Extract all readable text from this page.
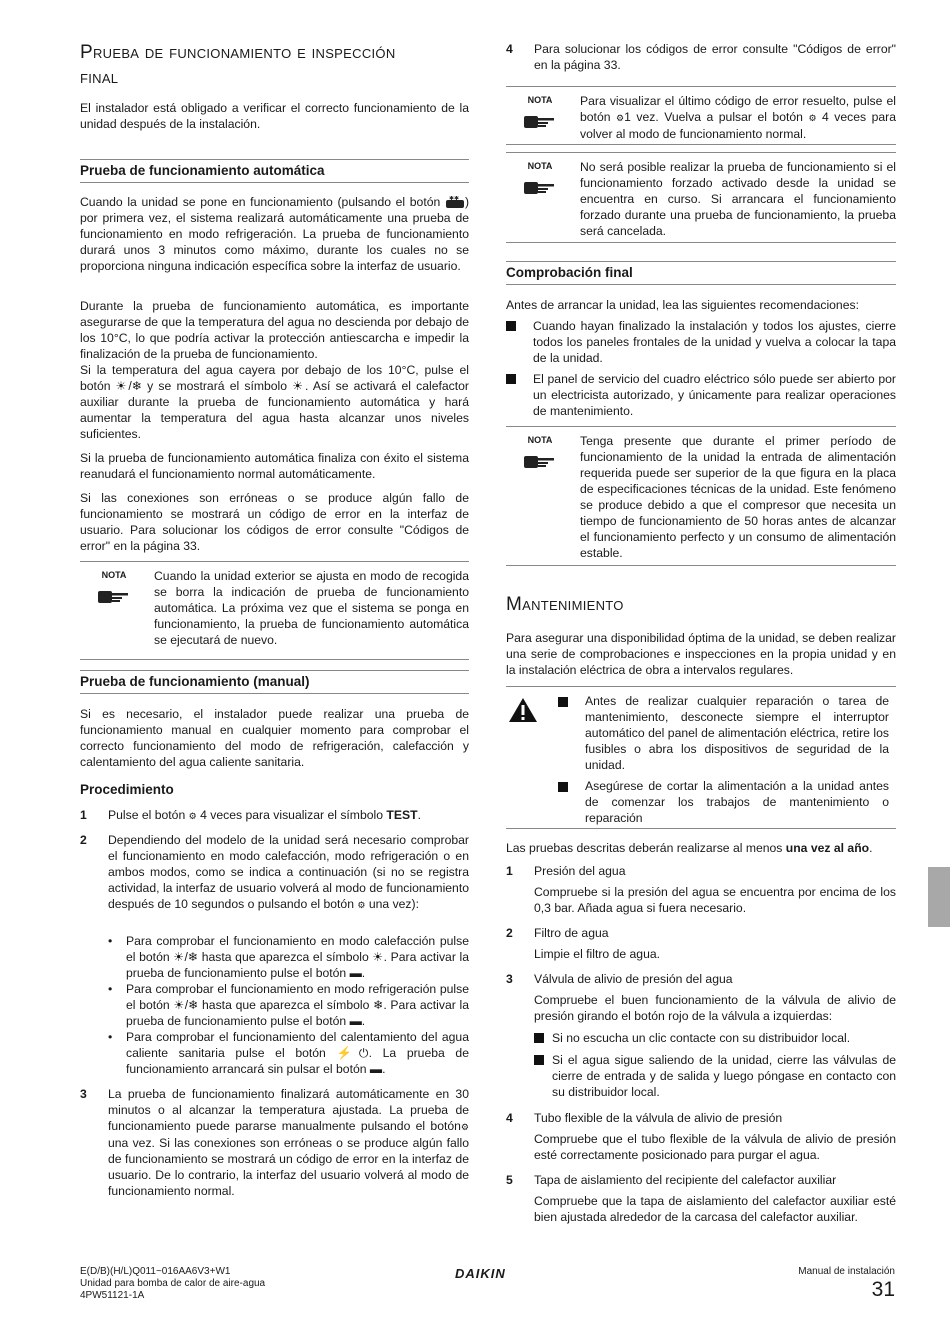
Prueba de funcionamiento e inspección
final
El instalador está obligado a verificar el correcto funcionamiento de la unidad después de la instalación.
Prueba de funcionamiento automática
Cuando la unidad se pone en funcionamiento (pulsando el botón ✱✱ ) por primera vez, el sistema realizará automáticamente una prueba de funcionamiento en modo refrigeración. La prueba de funcionamiento durará unos 3 minutos como máximo, durante los cuales no se proporciona ninguna indicación específica sobre la interfaz de usuario.
Durante la prueba de funcionamiento automática, es importante asegurarse de que la temperatura del agua no descienda por debajo de los 10°C, lo que podría activar la protección antiescarcha e impedir la finalización de la prueba de funcionamiento.
Si la temperatura del agua cayera por debajo de los 10°C, pulse el botón ☀/❄ y se mostrará el símbolo ☀. Así se activará el calefactor auxiliar durante la prueba de funcionamiento automática y hará aumentar la temperatura del agua hasta alcanzar unos niveles suficientes.
Si la prueba de funcionamiento automática finaliza con éxito el sistema reanudará el funcionamiento normal automáticamente.
Si las conexiones son erróneas o se produce algún fallo de funcionamiento se mostrará un código de error en la interfaz de usuario. Para solucionar los códigos de error consulte "Códigos de error" en la página 33.
NOTA	Cuando la unidad exterior se ajusta en modo de recogida se borra la indicación de prueba de funcionamiento automática. La próxima vez que el sistema se ponga en funcionamiento, la prueba de funcionamiento automática se ejecutará de nuevo.
Prueba de funcionamiento (manual)
Si es necesario, el instalador puede realizar una prueba de funcionamiento manual en cualquier momento para comprobar el correcto funcionamiento del modo de refrigeración, calefacción y calentamiento del agua caliente sanitaria.
Procedimiento
1 Pulse el botón ⚙ 4 veces para visualizar el símbolo TEST.
2 Dependiendo del modelo de la unidad será necesario comprobar el funcionamiento en modo calefacción, modo refrigeración o en ambos modos, como se indica a continuación (si no se registra actividad, la interfaz de usuario volverá al modo de funcionamiento después de 10 segundos o pulsando el botón ⚙ una vez):
• Para comprobar el funcionamiento en modo calefacción pulse el botón ☀/❄ hasta que aparezca el símbolo ☀. Para activar la prueba de funcionamiento pulse el botón ▬.
• Para comprobar el funcionamiento en modo refrigeración pulse el botón ☀/❄ hasta que aparezca el símbolo ❄. Para activar la prueba de funcionamiento pulse el botón ▬.
• Para comprobar el funcionamiento del calentamiento del agua caliente sanitaria pulse el botón ⚡⏻. La prueba de funcionamiento arrancará sin pulsar el botón ▬.
3 La prueba de funcionamiento finalizará automáticamente en 30 minutos o al alcanzar la temperatura ajustada. La prueba de funcionamiento puede pararse manualmente pulsando el botón⚙ una vez. Si las conexiones son erróneas o se produce algún fallo de funcionamiento se mostrará un código de error en la interfaz de usuario. De lo contrario, la interfaz del usuario volverá al modo de funcionamiento normal.
4 Para solucionar los códigos de error consulte "Códigos de error" en la página 33.
NOTA	Para visualizar el último código de error resuelto, pulse el botón ⚙1 vez. Vuelva a pulsar el botón ⚙ 4 veces para volver al modo de funcionamiento normal.
NOTA	No será posible realizar la prueba de funcionamiento si el funcionamiento forzado activado desde la unidad se encuentra en curso. Si arrancara el funcionamiento forzado durante una prueba de funcionamiento, la prueba será cancelada.
Comprobación final
Antes de arrancar la unidad, lea las siguientes recomendaciones:
Cuando hayan finalizado la instalación y todos los ajustes, cierre todos los paneles frontales de la unidad y vuelva a colocar la tapa de la unidad.
El panel de servicio del cuadro eléctrico sólo puede ser abierto por un electricista autorizado, y únicamente para realizar operaciones de mantenimiento.
NOTA	Tenga presente que durante el primer período de funcionamiento de la unidad la entrada de alimentación requerida puede ser superior de la que figura en la placa de especificaciones técnicas de la unidad. Este fenómeno se produce debido a que el compresor que necesita un tiempo de funcionamiento de 50 horas antes de alcanzar el funcionamiento perfecto y un consumo de alimentación estable.
Mantenimiento
Para asegurar una disponibilidad óptima de la unidad, se deben realizar una serie de comprobaciones e inspecciones en la propia unidad y en la instalación eléctrica de obra a intervalos regulares.
Antes de realizar cualquier reparación o tarea de mantenimiento, desconecte siempre el interruptor automático del panel de alimentación eléctrica, retire los fusibles o abra los dispositivos de seguridad de la unidad.
Asegúrese de cortar la alimentación a la unidad antes de comenzar los trabajos de mantenimiento o reparación
Las pruebas descritas deberán realizarse al menos una vez al año.
1 Presión del agua
Compruebe si la presión del agua se encuentra por encima de los 0,3 bar. Añada agua si fuera necesario.
2 Filtro de agua
Limpie el filtro de agua.
3 Válvula de alivio de presión del agua
Compruebe el buen funcionamiento de la válvula de alivio de presión girando el botón rojo de la válvula a izquierdas:
Si no escucha un clic contacte con su distribuidor local.
Si el agua sigue saliendo de la unidad, cierre las válvulas de cierre de entrada y de salida y luego póngase en contacto con su distribuidor local.
4 Tubo flexible de la válvula de alivio de presión
Compruebe que el tubo flexible de la válvula de alivio de presión esté correctamente posicionado para purgar el agua.
5 Tapa de aislamiento del recipiente del calefactor auxiliar
Compruebe que la tapa de aislamiento del calefactor auxiliar esté bien ajustada alrededor de la carcasa del calefactor auxiliar.
E(D/B)(H/L)Q011~016AA6V3+W1
Unidad para bomba de calor de aire-agua
4PW51121-1A
DAIKIN	Manual de instalación
31
